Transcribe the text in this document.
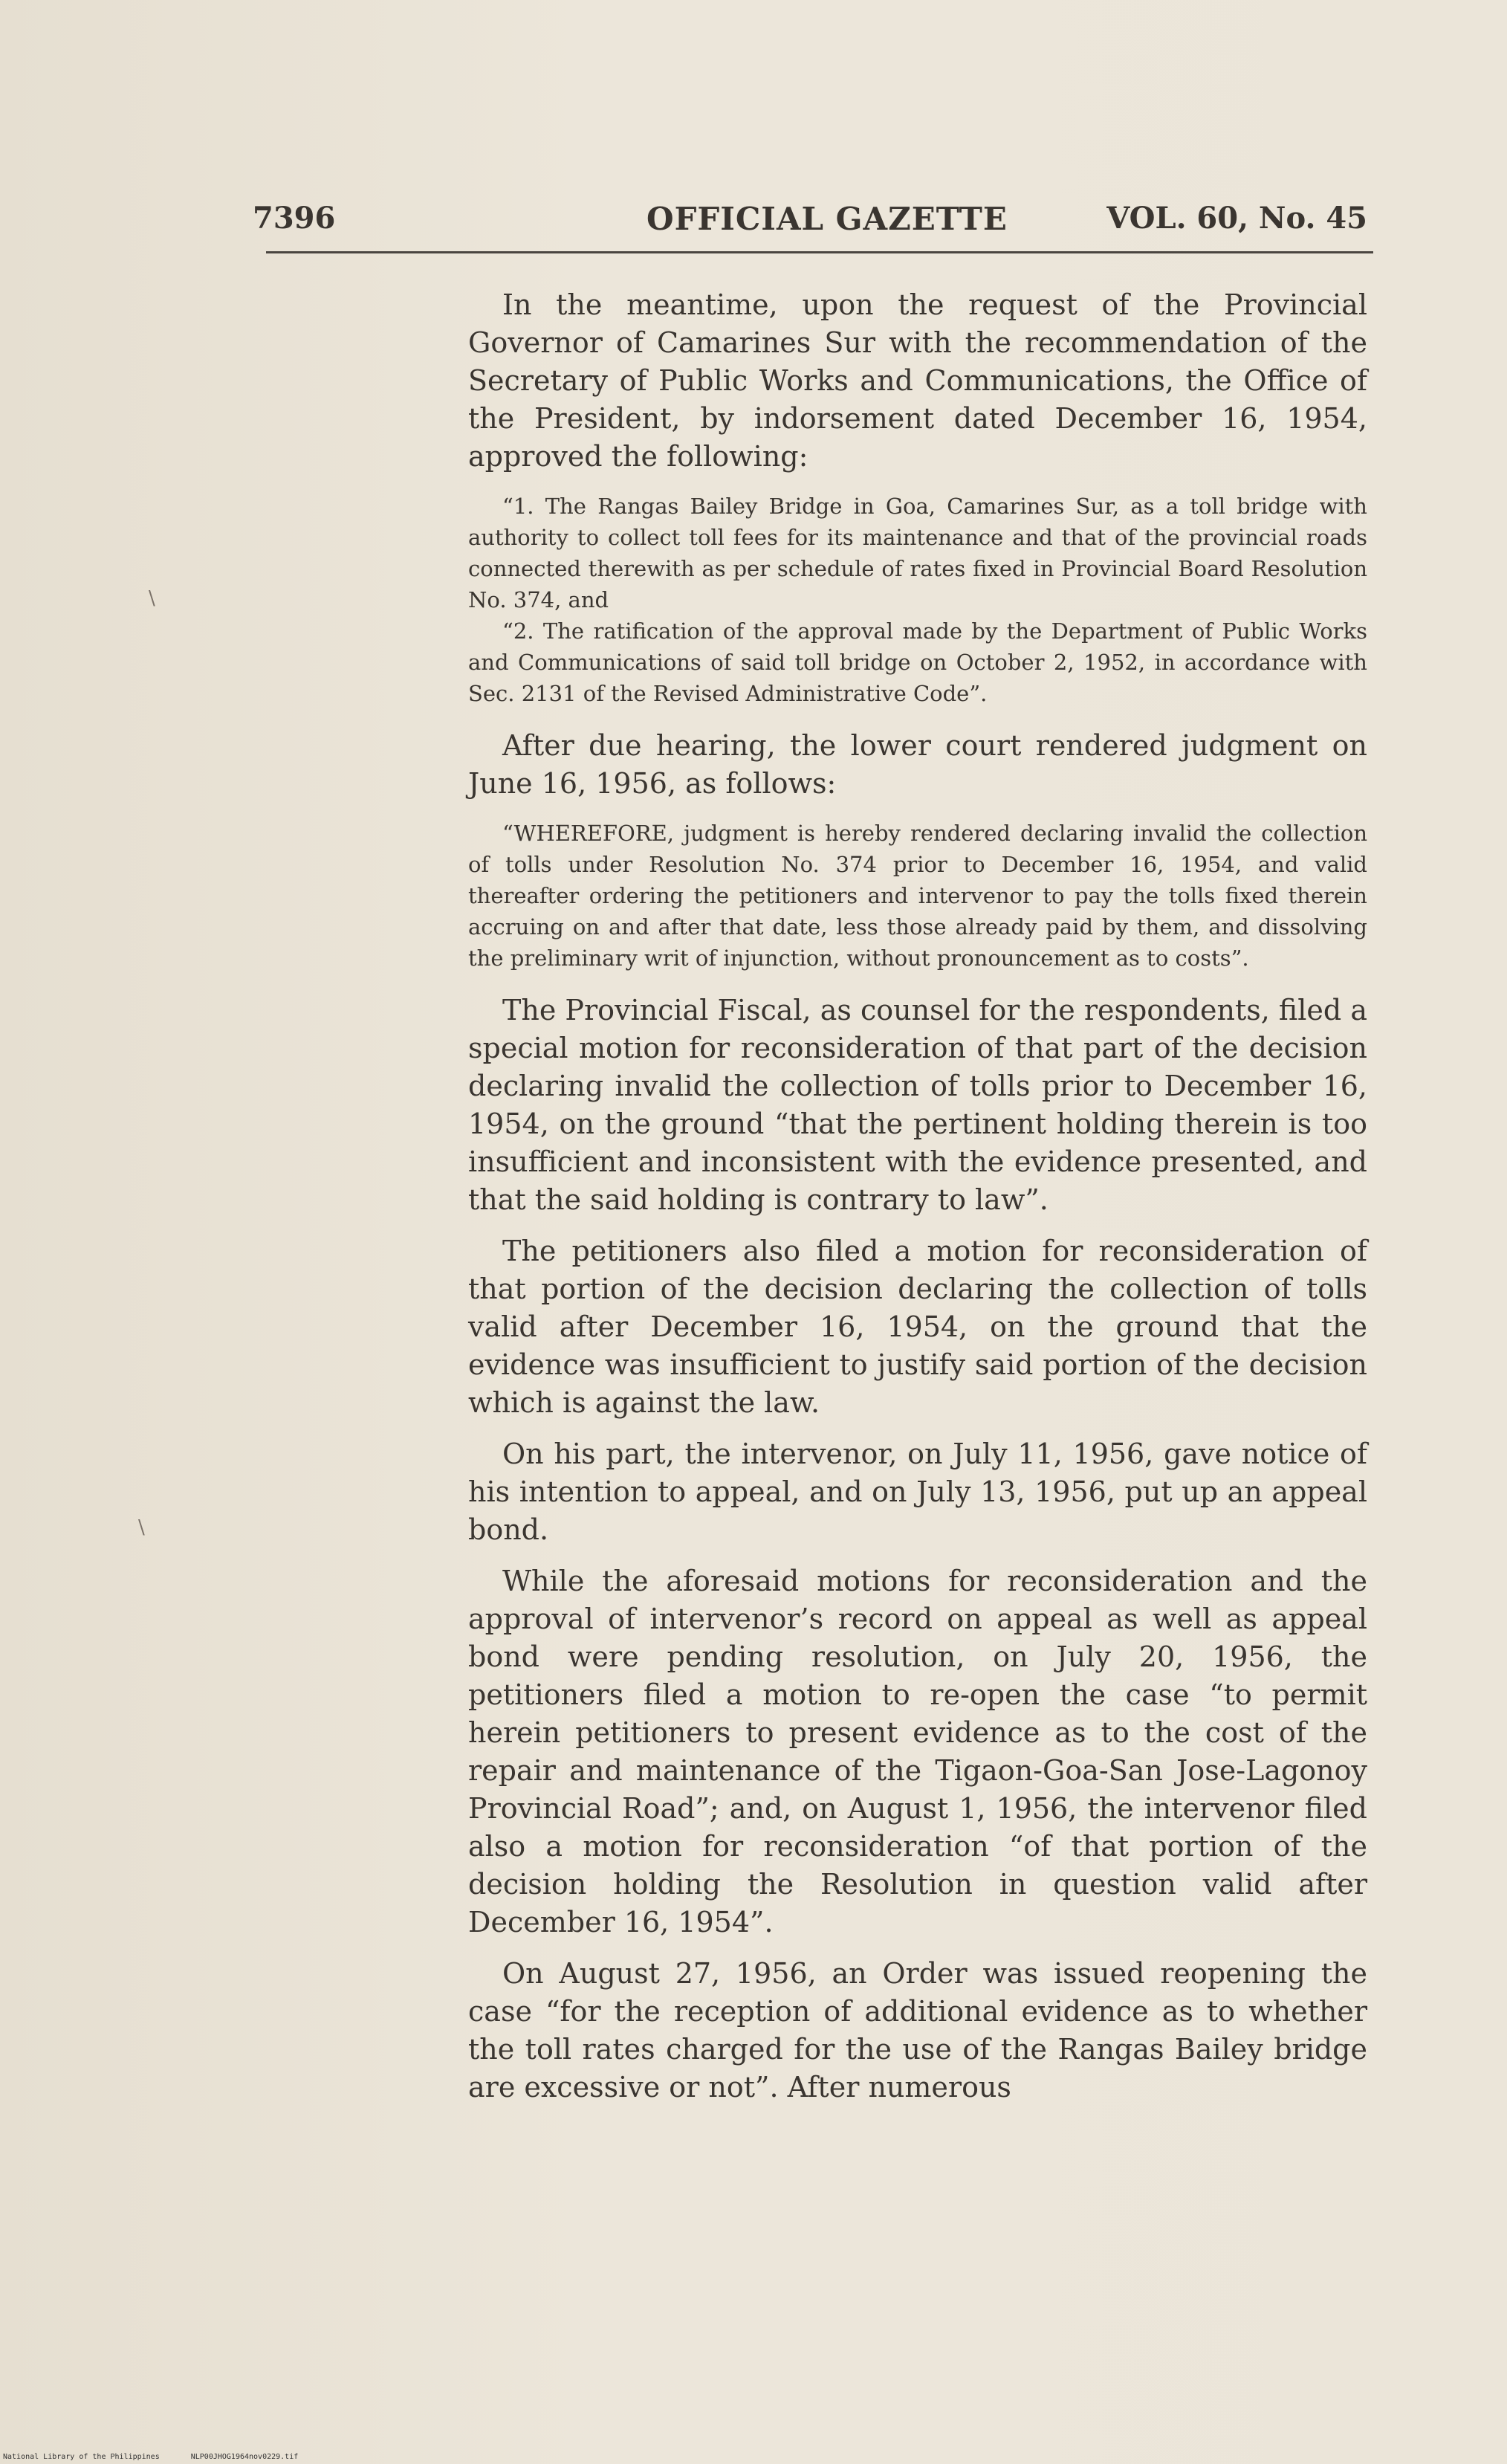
7396	OFFICIAL GAZETTE	VOL. 60, No. 45
\
\

In the meantime, upon the request of the Provincial Governor of Camarines Sur with the recommendation of the Secretary of Public Works and Communications, the Office of the President, by indorsement dated December 16, 1954, approved the following:

“1. The Rangas Bailey Bridge in Goa, Camarines Sur, as a toll bridge with authority to collect toll fees for its maintenance and that of the provincial roads connected therewith as per schedule of rates fixed in Provincial Board Resolution No. 374, and

“2. The ratification of the approval made by the Department of Public Works and Communications of said toll bridge on October 2, 1952, in accordance with Sec. 2131 of the Revised Administrative Code”.

After due hearing, the lower court rendered judgment on June 16, 1956, as follows:

“WHEREFORE, judgment is hereby rendered declaring invalid the collection of tolls under Resolution No. 374 prior to December 16, 1954, and valid thereafter ordering the petitioners and intervenor to pay the tolls fixed therein accruing on and after that date, less those already paid by them, and dissolving the preliminary writ of injunction, without pronouncement as to costs”.

The Provincial Fiscal, as counsel for the respondents, filed a special motion for reconsideration of that part of the decision declaring invalid the collection of tolls prior to December 16, 1954, on the ground “that the pertinent holding therein is too insufficient and inconsistent with the evidence presented, and that the said holding is contrary to law”.

The petitioners also filed a motion for reconsideration of that portion of the decision declaring the collection of tolls valid after December 16, 1954, on the ground that the evidence was insufficient to justify said portion of the decision which is against the law.

On his part, the intervenor, on July 11, 1956, gave notice of his intention to appeal, and on July 13, 1956, put up an appeal bond.

While the aforesaid motions for reconsideration and the approval of intervenor’s record on appeal as well as appeal bond were pending resolution, on July 20, 1956, the petitioners filed a motion to re-open the case “to permit herein petitioners to present evidence as to the cost of the repair and maintenance of the Tigaon-Goa-San Jose-Lagonoy Provincial Road”; and, on August 1, 1956, the intervenor filed also a motion for reconsideration “of that portion of the decision holding the Resolution in question valid after December 16, 1954”.

On August 27, 1956, an Order was issued reopening the case “for the reception of additional evidence as to whether the toll rates charged for the use of the Rangas Bailey bridge are excessive or not”. After numerous

National Library of the Philippines	NLP00JHOG1964nov0229.tif
